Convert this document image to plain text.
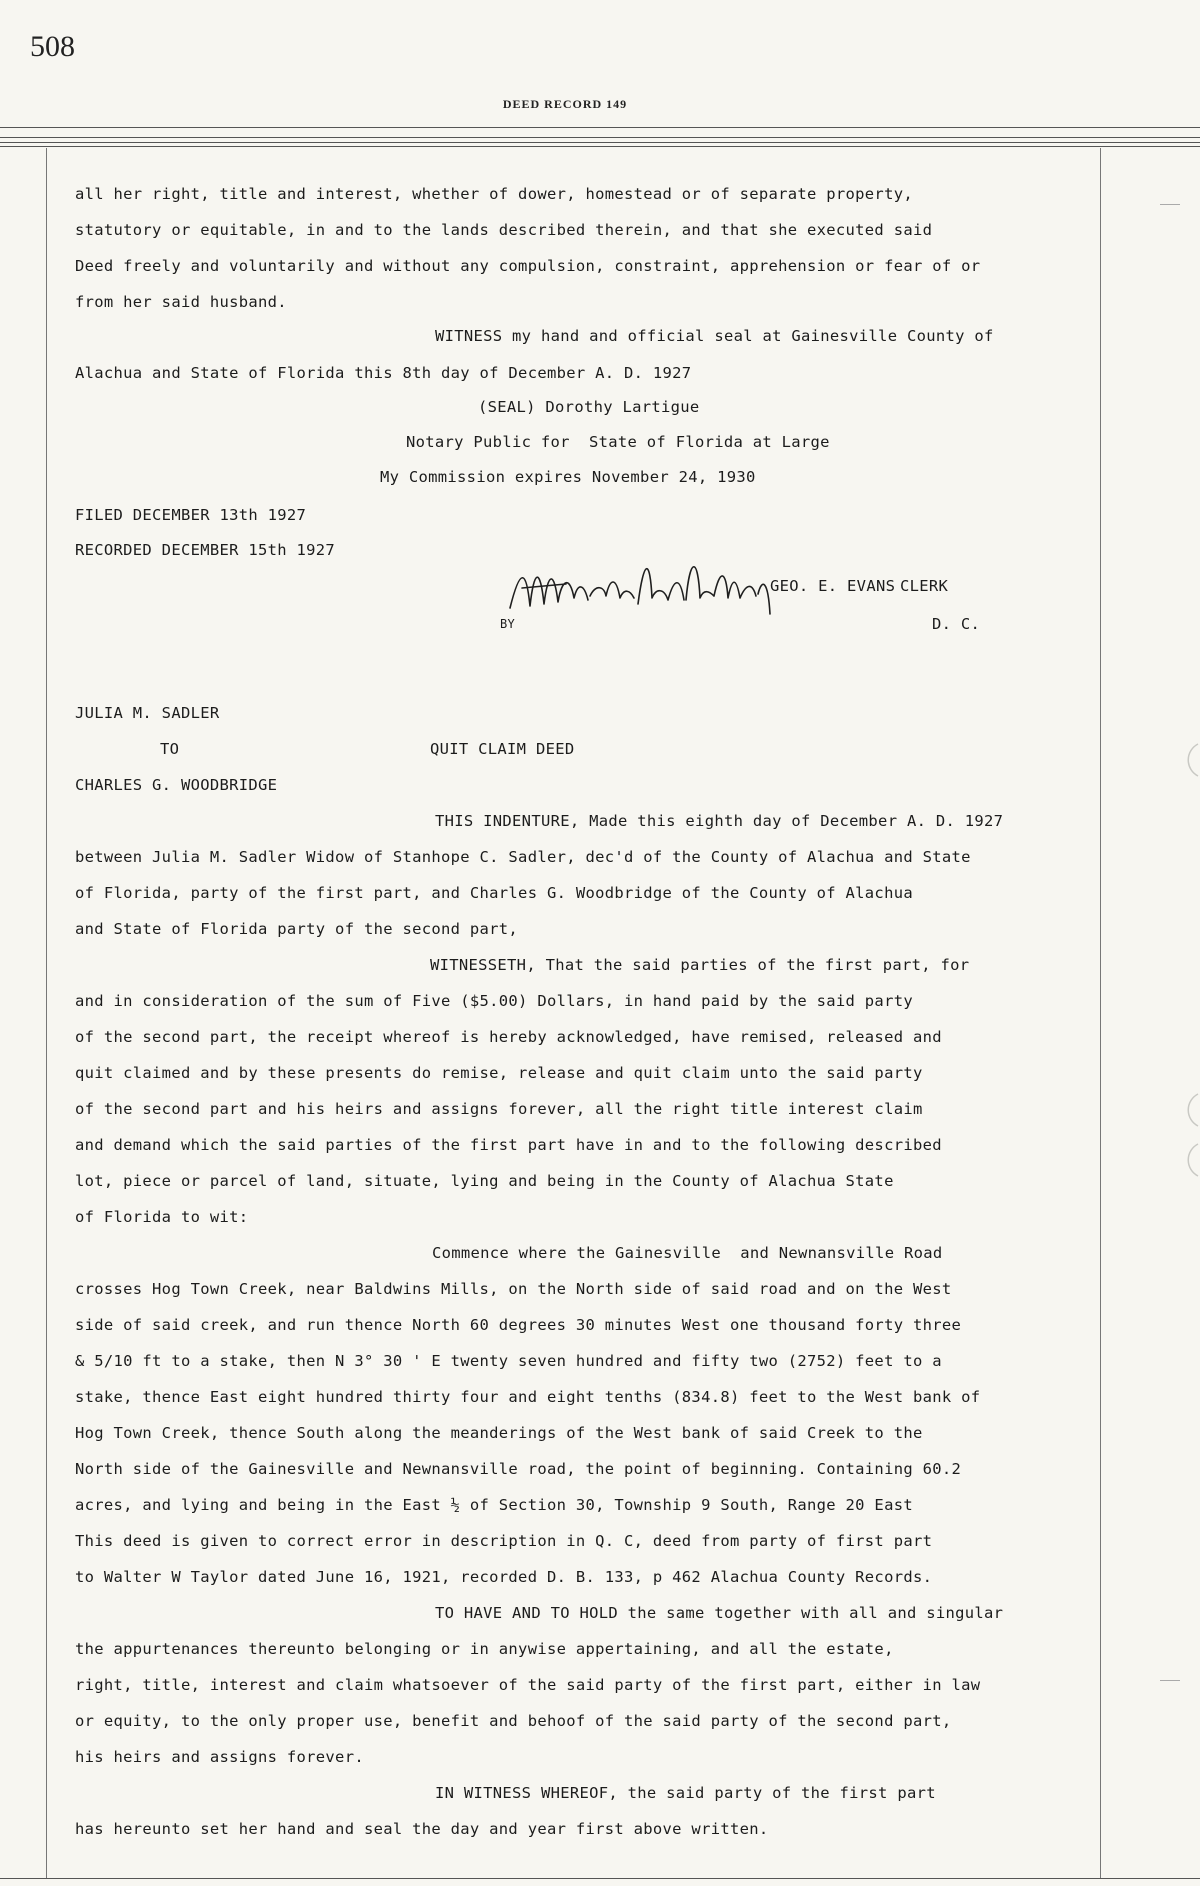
508
DEED RECORD 149
all her right, title and interest, whether of dower, homestead or of separate property,
statutory or equitable, in and to the lands described therein, and that she executed said
Deed freely and voluntarily and without any compulsion, constraint, apprehension or fear of or
from her said husband.
WITNESS my hand and official seal at Gainesville County of
Alachua and State of Florida this 8th day of December A. D. 1927
(SEAL) Dorothy Lartigue
Notary Public for  State of Florida at Large
My Commission expires November 24, 1930
FILED DECEMBER 13th 1927
RECORDED DECEMBER 15th 1927
GEO. E. EVANS CLERK
BY	D. C.
JULIA M. SADLER
TO	QUIT CLAIM DEED
CHARLES G. WOODBRIDGE
THIS INDENTURE, Made this eighth day of December A. D. 1927
between Julia M. Sadler Widow of Stanhope C. Sadler, dec'd of the County of Alachua and State
of Florida, party of the first part, and Charles G. Woodbridge of the County of Alachua
and State of Florida party of the second part,
WITNESSETH, That the said parties of the first part, for
and in consideration of the sum of Five ($5.00) Dollars, in hand paid by the said party
of the second part, the receipt whereof is hereby acknowledged, have remised, released and
quit claimed and by these presents do remise, release and quit claim unto the said party
of the second part and his heirs and assigns forever, all the right title interest claim
and demand which the said parties of the first part have in and to the following described
lot, piece or parcel of land, situate, lying and being in the County of Alachua State
of Florida to wit:
Commence where the Gainesville  and Newnansville Road
crosses Hog Town Creek, near Baldwins Mills, on the North side of said road and on the West
side of said creek, and run thence North 60 degrees 30 minutes West one thousand forty three
& 5/10 ft to a stake, then N 3° 30 ' E twenty seven hundred and fifty two (2752) feet to a
stake, thence East eight hundred thirty four and eight tenths (834.8) feet to the West bank of
Hog Town Creek, thence South along the meanderings of the West bank of said Creek to the
North side of the Gainesville and Newnansville road, the point of beginning. Containing 60.2
acres, and lying and being in the East ½ of Section 30, Township 9 South, Range 20 East
This deed is given to correct error in description in Q. C, deed from party of first part
to Walter W Taylor dated June 16, 1921, recorded D. B. 133, p 462 Alachua County Records.
TO HAVE AND TO HOLD the same together with all and singular
the appurtenances thereunto belonging or in anywise appertaining, and all the estate,
right, title, interest and claim whatsoever of the said party of the first part, either in law
or equity, to the only proper use, benefit and behoof of the said party of the second part,
his heirs and assigns forever.
IN WITNESS WHEREOF, the said party of the first part
has hereunto set her hand and seal the day and year first above written.
